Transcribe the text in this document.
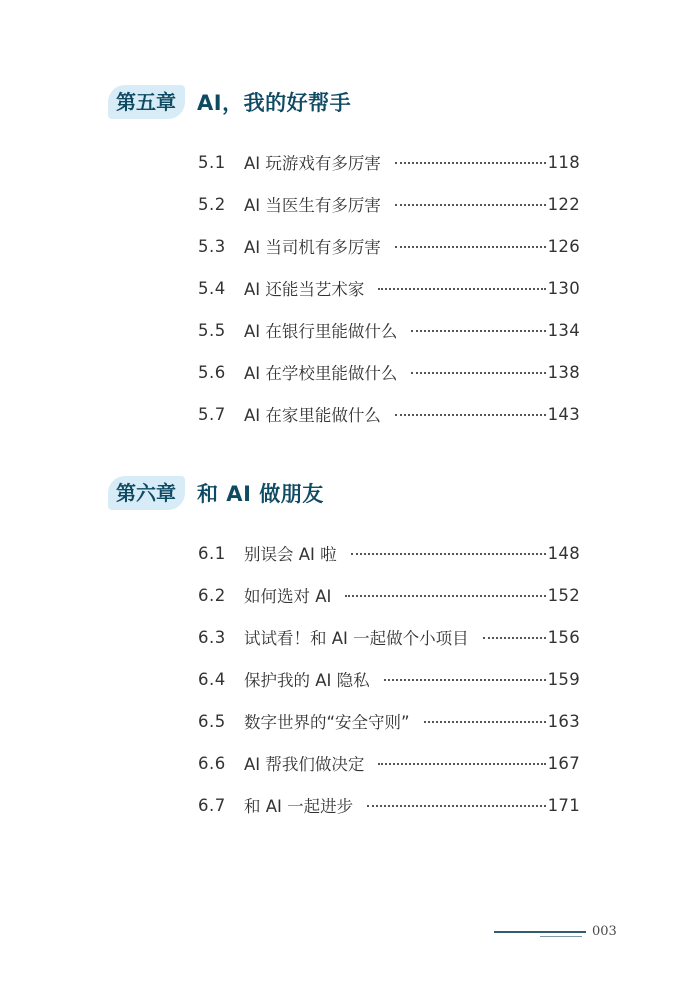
第五章	AI，我的好帮手
5.1	AI 玩游戏有多厉害	118
5.2	AI 当医生有多厉害	122
5.3	AI 当司机有多厉害	126
5.4	AI 还能当艺术家	130
5.5	AI 在银行里能做什么	134
5.6	AI 在学校里能做什么	138
5.7	AI 在家里能做什么	143
第六章	和 AI 做朋友
6.1	别误会 AI 啦	148
6.2	如何选对 AI	152
6.3	试试看！和 AI 一起做个小项目	156
6.4	保护我的 AI 隐私	159
6.5	数字世界的“安全守则”	163
6.6	AI 帮我们做决定	167
6.7	和 AI 一起进步	171
003
